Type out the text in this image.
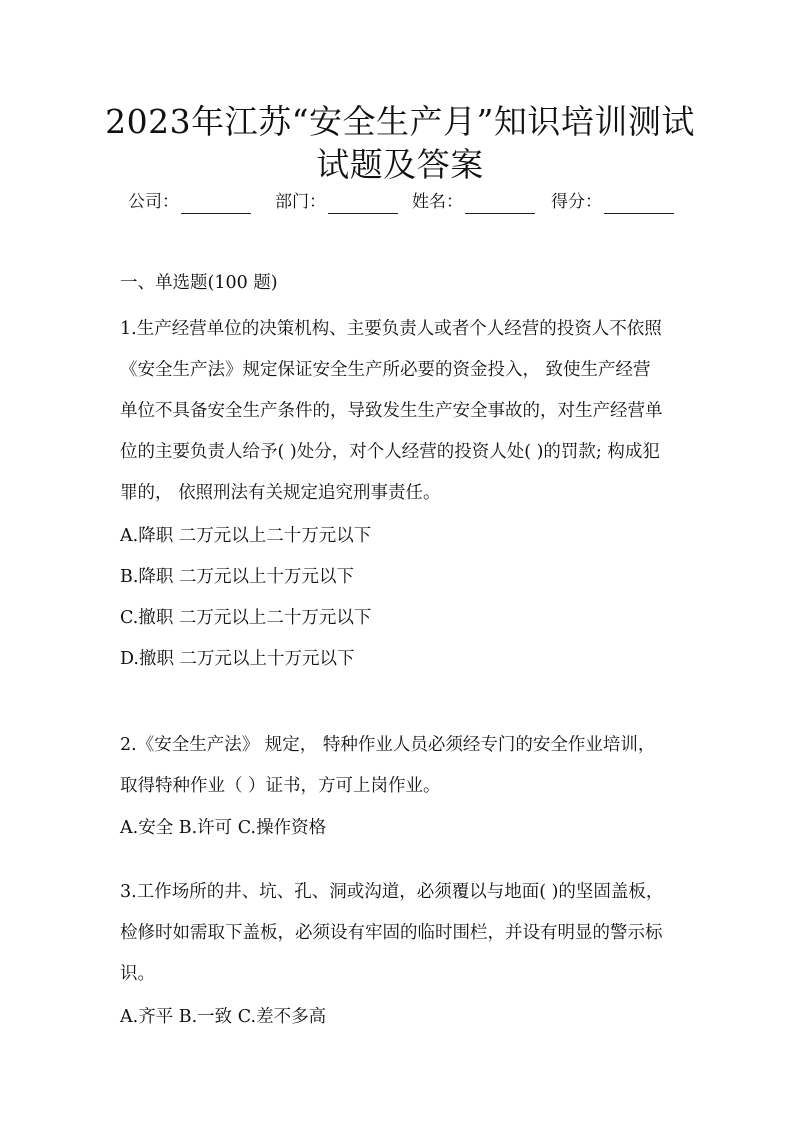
2023年江苏“安全生产月”知识培训测试
试题及答案
公司：	部门：	姓名：	得分：
一、单选题(100 题)
1.生产经营单位的决策机构、主要负责人或者个人经营的投资人不依照
《安全生产法》规定保证安全生产所必要的资金投入， 致使生产经营
单位不具备安全生产条件的，导致发生生产安全事故的，对生产经营单
位的主要负责人给予( )处分，对个人经营的投资人处( )的罚款; 构成犯
罪的， 依照刑法有关规定追究刑事责任。
A.降职 二万元以上二十万元以下
B.降职 二万元以上十万元以下
C.撤职 二万元以上二十万元以下
D.撤职 二万元以上十万元以下
2.《安全生产法》 规定， 特种作业人员必须经专门的安全作业培训，
取得特种作业（ ）证书，方可上岗作业。
A.安全 B.许可 C.操作资格
3.工作场所的井、坑、孔、洞或沟道，必须覆以与地面( )的坚固盖板，
检修时如需取下盖板，必须设有牢固的临时围栏，并设有明显的警示标
识。
A.齐平 B.一致 C.差不多高
